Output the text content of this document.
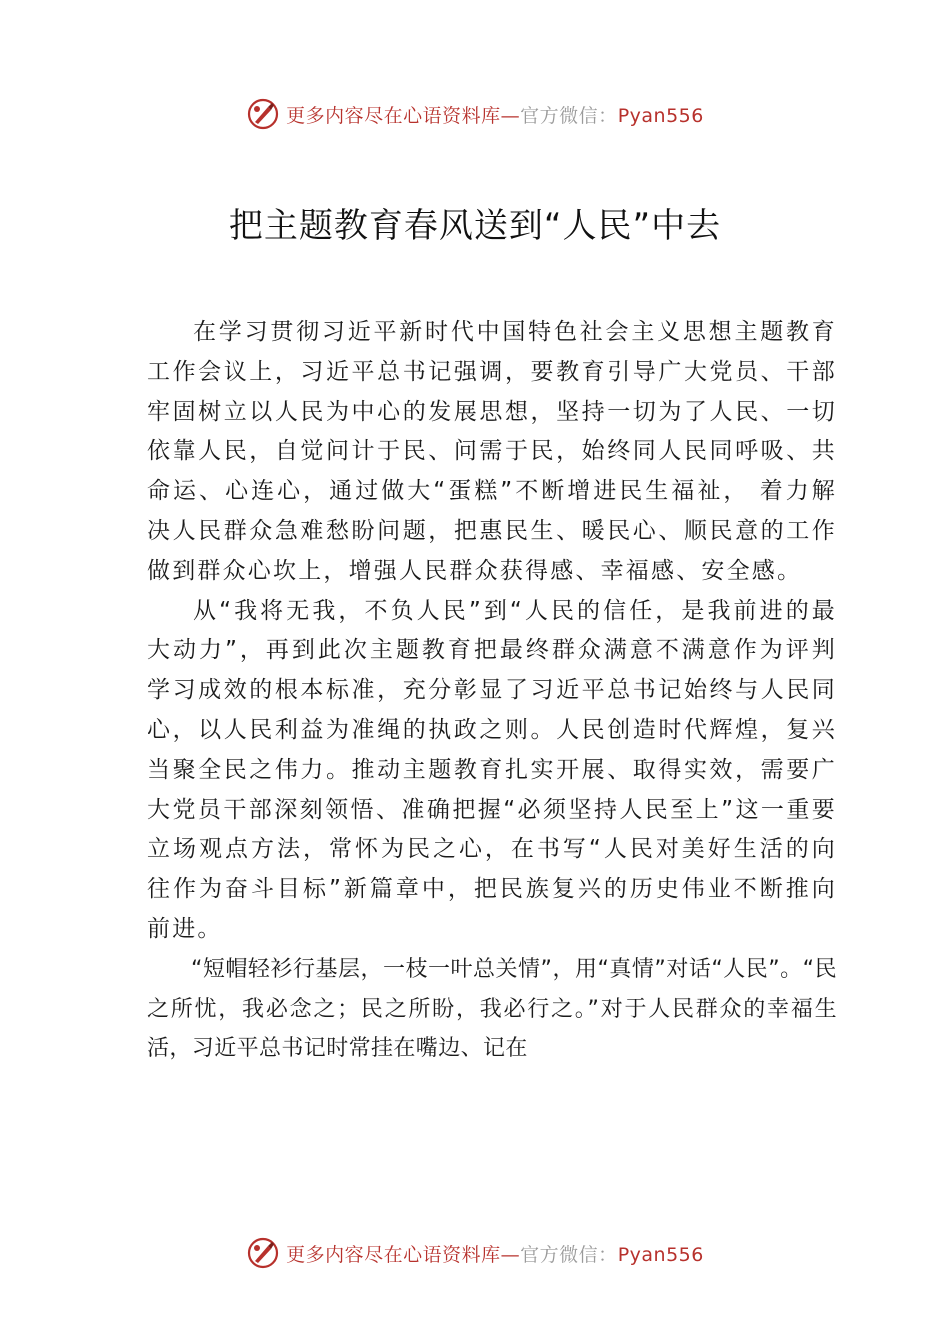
更多内容尽在心语资料库—官方微信：Pyan556
把主题教育春风送到“人民”中去

在学习贯彻习近平新时代中国特色社会主义思想主题教育工作会议上，习近平总书记强调，要教育引导广大党员、干部牢固树立以人民为中心的发展思想，坚持一切为了人民、一切依靠人民，自觉问计于民、问需于民，始终同人民同呼吸、共命运、心连心，通过做大“蛋糕”不断增进民生福祉， 着力解决人民群众急难愁盼问题，把惠民生、暖民心、顺民意的工作做到群众心坎上，增强人民群众获得感、幸福感、安全感。

从“我将无我，不负人民”到“人民的信任，是我前进的最大动力”，再到此次主题教育把最终群众满意不满意作为评判学习成效的根本标准，充分彰显了习近平总书记始终与人民同心，以人民利益为准绳的执政之则。人民创造时代辉煌，复兴当聚全民之伟力。推动主题教育扎实开展、取得实效，需要广大党员干部深刻领悟、准确把握“必须坚持人民至上”这一重要立场观点方法，常怀为民之心，在书写“人民对美好生活的向往作为奋斗目标”新篇章中，把民族复兴的历史伟业不断推向前进。

“短帽轻衫行基层，一枝一叶总关情”，用“真情”对话“人民”。“民之所忧，我必念之；民之所盼，我必行之。”对于人民群众的幸福生活，习近平总书记时常挂在嘴边、记在

更多内容尽在心语资料库—官方微信：Pyan556
